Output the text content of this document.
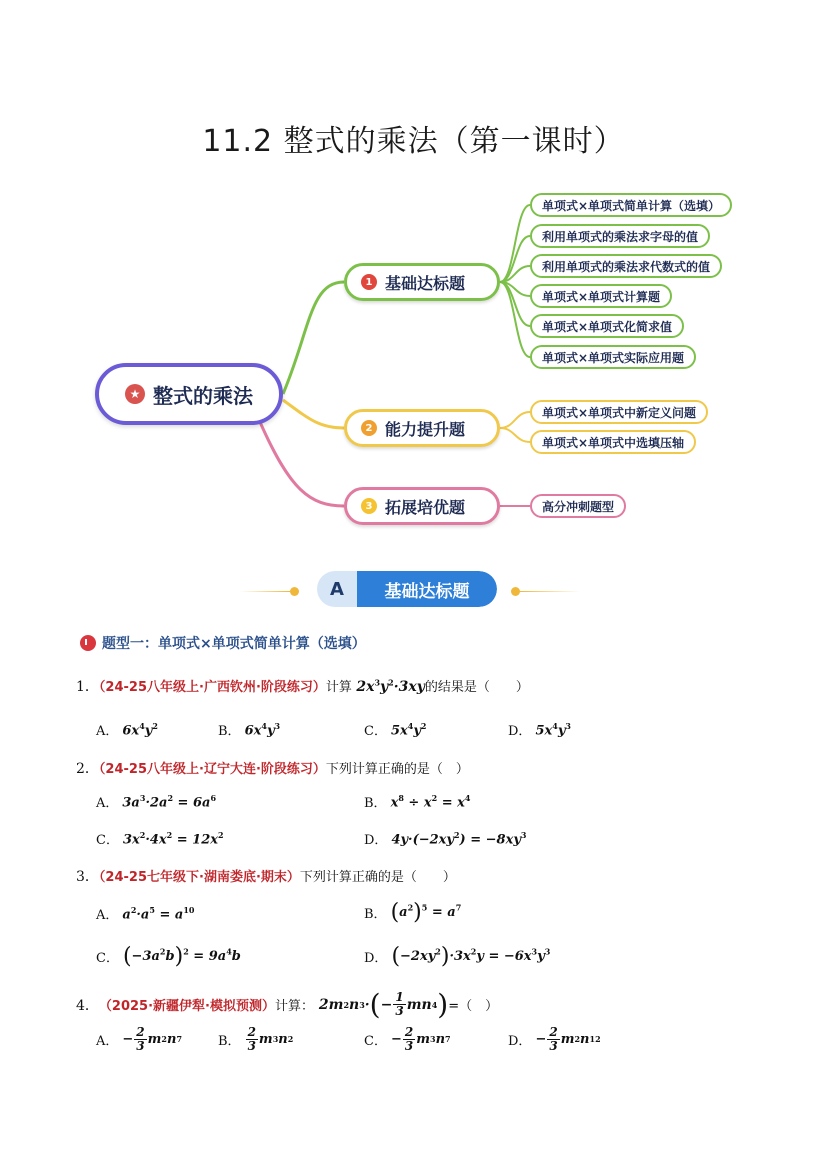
11.2 整式的乘法（第一课时）
★ 整式的乘法
1 基础达标题
2 能力提升题
3 拓展培优题
单项式×单项式简单计算（选填）
利用单项式的乘法求字母的值
利用单项式的乘法求代数式的值
单项式×单项式计算题
单项式×单项式化简求值
单项式×单项式实际应用题
单项式×单项式中新定义问题
单项式×单项式中选填压轴
高分冲刺题型
A	基础达标题
题型一：单项式×单项式简单计算（选填）
1．（24-25八年级上·广西钦州·阶段练习）计算 $2x^3y^2\cdot 3xy$的结果是（　　）
A． $6x^4y^2$	B． $6x^4y^3$	C． $5x^4y^2$	D． $5x^4y^3$
2．（24-25八年级上·辽宁大连·阶段练习）下列计算正确的是（　）
A． $3a^3\cdot 2a^2 = 6a^6$	B． $x^8 \div x^2 = x^4$
C． $3x^2\cdot 4x^2 = 12x^2$	D． $4y\cdot(-2xy^2) = -8xy^3$
3．（24-25七年级下·湖南娄底·期末）下列计算正确的是（　　）
A． $a^2\cdot a^5 = a^{10}$	B． $(a^2)^5 = a^7$
C． $(-3a^2b)^2 = 9a^4b$	D． $(-2xy^2)\cdot 3x^2y = -6x^3y^3$
4． （2025·新疆伊犁·模拟预测） 计算： 2m 2 n 3 · ( − $\frac{1}{3}$ mn 4 ) =（　）
A． − $\frac{2}{3}$ m 2 n 7	B． $\frac{2}{3}$ m 3 n 2	C． − $\frac{2}{3}$ m 3 n 7	D． − $\frac{2}{3}$ m 2 n 12
